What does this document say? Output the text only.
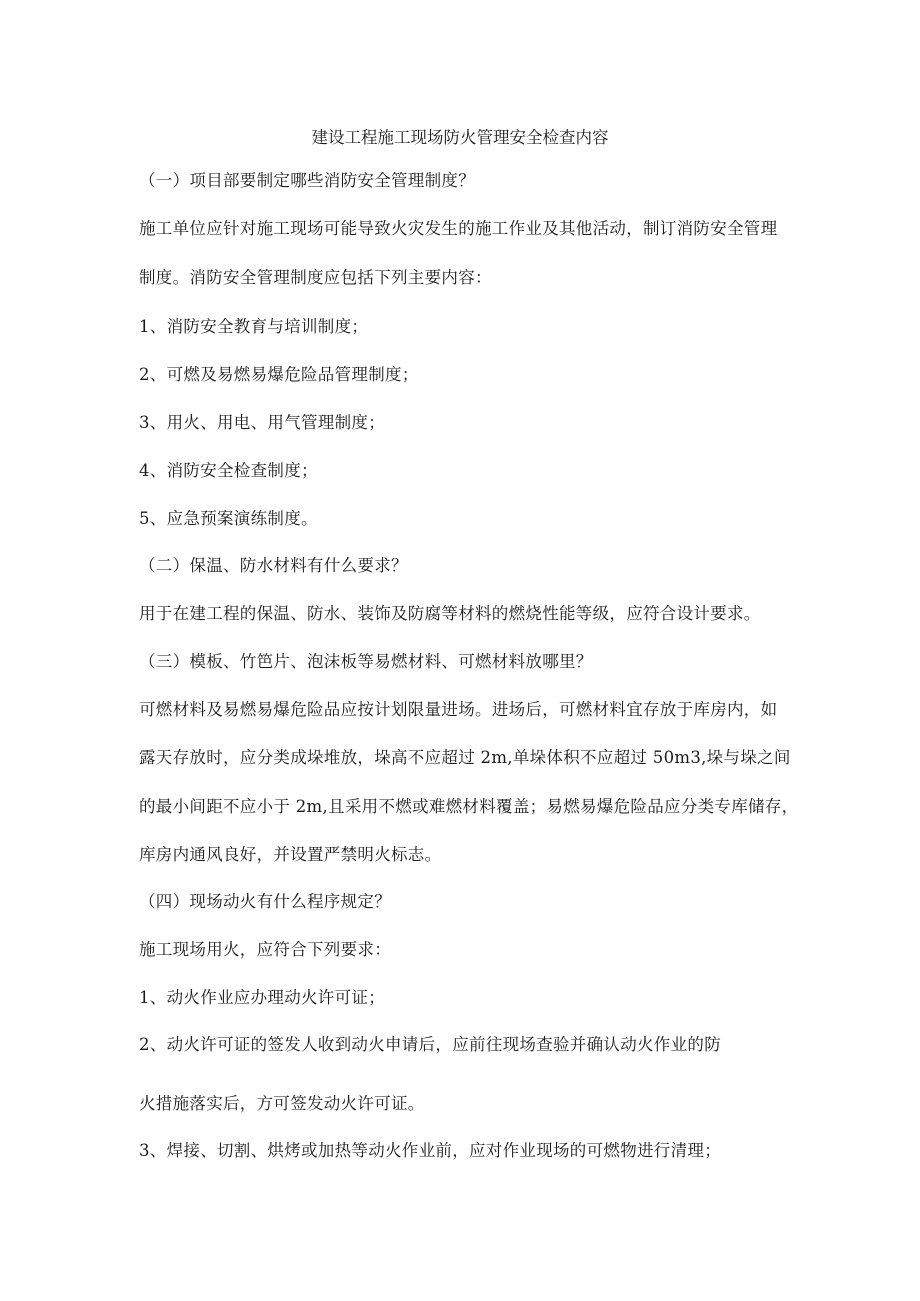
建设工程施工现场防火管理安全检查内容
（一）项目部要制定哪些消防安全管理制度？
施工单位应针对施工现场可能导致火灾发生的施工作业及其他活动，制订消防安全管理
制度。消防安全管理制度应包括下列主要内容：
1、消防安全教育与培训制度；
2、可燃及易燃易爆危险品管理制度；
3、用火、用电、用气管理制度；
4、消防安全检查制度；
5、应急预案演练制度。
（二）保温、防水材料有什么要求？
用于在建工程的保温、防水、装饰及防腐等材料的燃烧性能等级，应符合设计要求。
（三）模板、竹笆片、泡沫板等易燃材料、可燃材料放哪里？
可燃材料及易燃易爆危险品应按计划限量进场。进场后，可燃材料宜存放于库房内，如
露天存放时，应分类成垛堆放，垛高不应超过 2m,单垛体积不应超过 50m3,垛与垛之间
的最小间距不应小于 2m,且采用不燃或难燃材料覆盖；易燃易爆危险品应分类专库储存，
库房内通风良好，并设置严禁明火标志。
（四）现场动火有什么程序规定？
施工现场用火，应符合下列要求：
1、动火作业应办理动火许可证；
2、动火许可证的签发人收到动火申请后，应前往现场查验并确认动火作业的防
火措施落实后，方可签发动火许可证。
3、焊接、切割、烘烤或加热等动火作业前，应对作业现场的可燃物进行清理；
